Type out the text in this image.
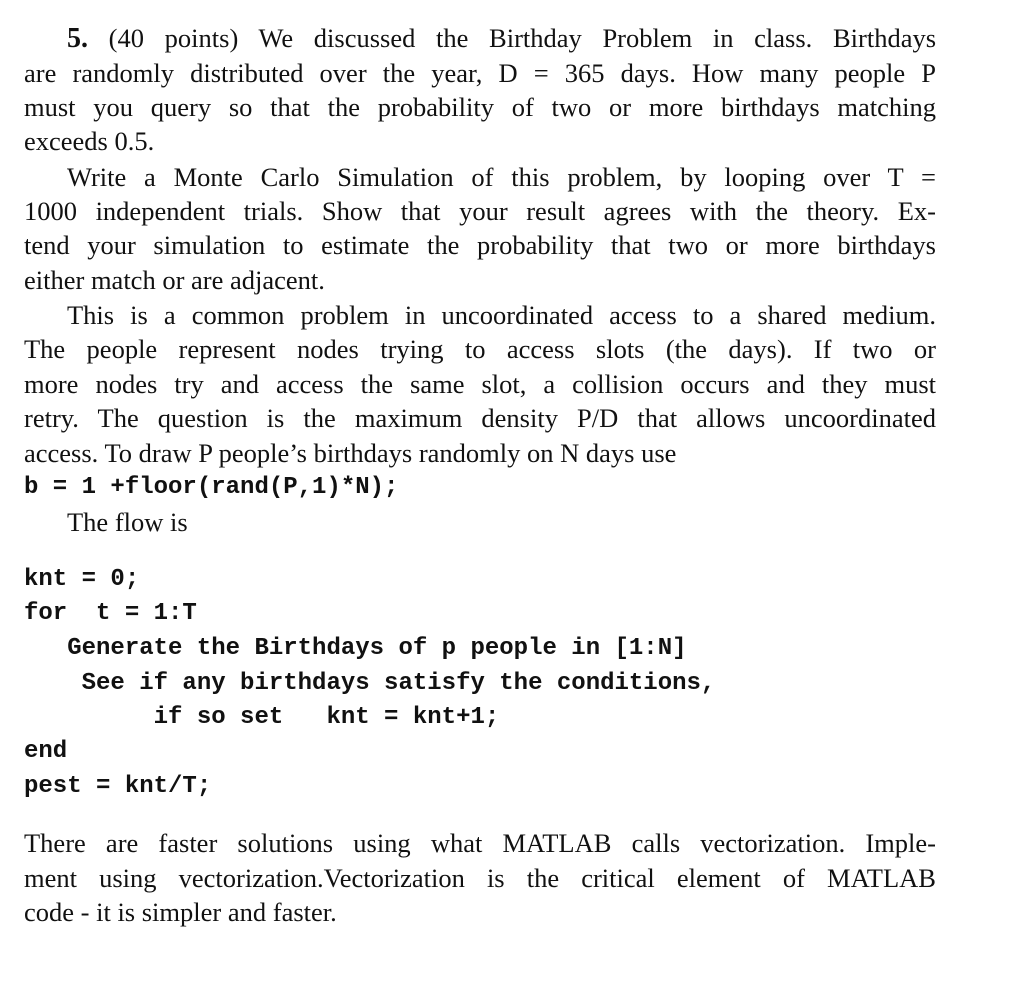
5. (40 points) We discussed the Birthday Problem in class. Birthdays
are randomly distributed over the year, D = 365 days. How many people P
must you query so that the probability of two or more birthdays matching
exceeds 0.5.
Write a Monte Carlo Simulation of this problem, by looping over T =
1000 independent trials. Show that your result agrees with the theory. Ex-
tend your simulation to estimate the probability that two or more birthdays
either match or are adjacent.
This is a common problem in uncoordinated access to a shared medium.
The people represent nodes trying to access slots (the days). If two or
more nodes try and access the same slot, a collision occurs and they must
retry. The question is the maximum density P/D that allows uncoordinated
access. To draw P people’s birthdays randomly on N days use
b = 1 +floor(rand(P,1)*N);
The flow is
knt = 0;
for  t = 1:T
Generate the Birthdays of p people in [1:N]
See if any birthdays satisfy the conditions,
if so set   knt = knt+1;
end
pest = knt/T;
There are faster solutions using what MATLAB calls vectorization. Imple-
ment using vectorization.Vectorization is the critical element of MATLAB
code - it is simpler and faster.
